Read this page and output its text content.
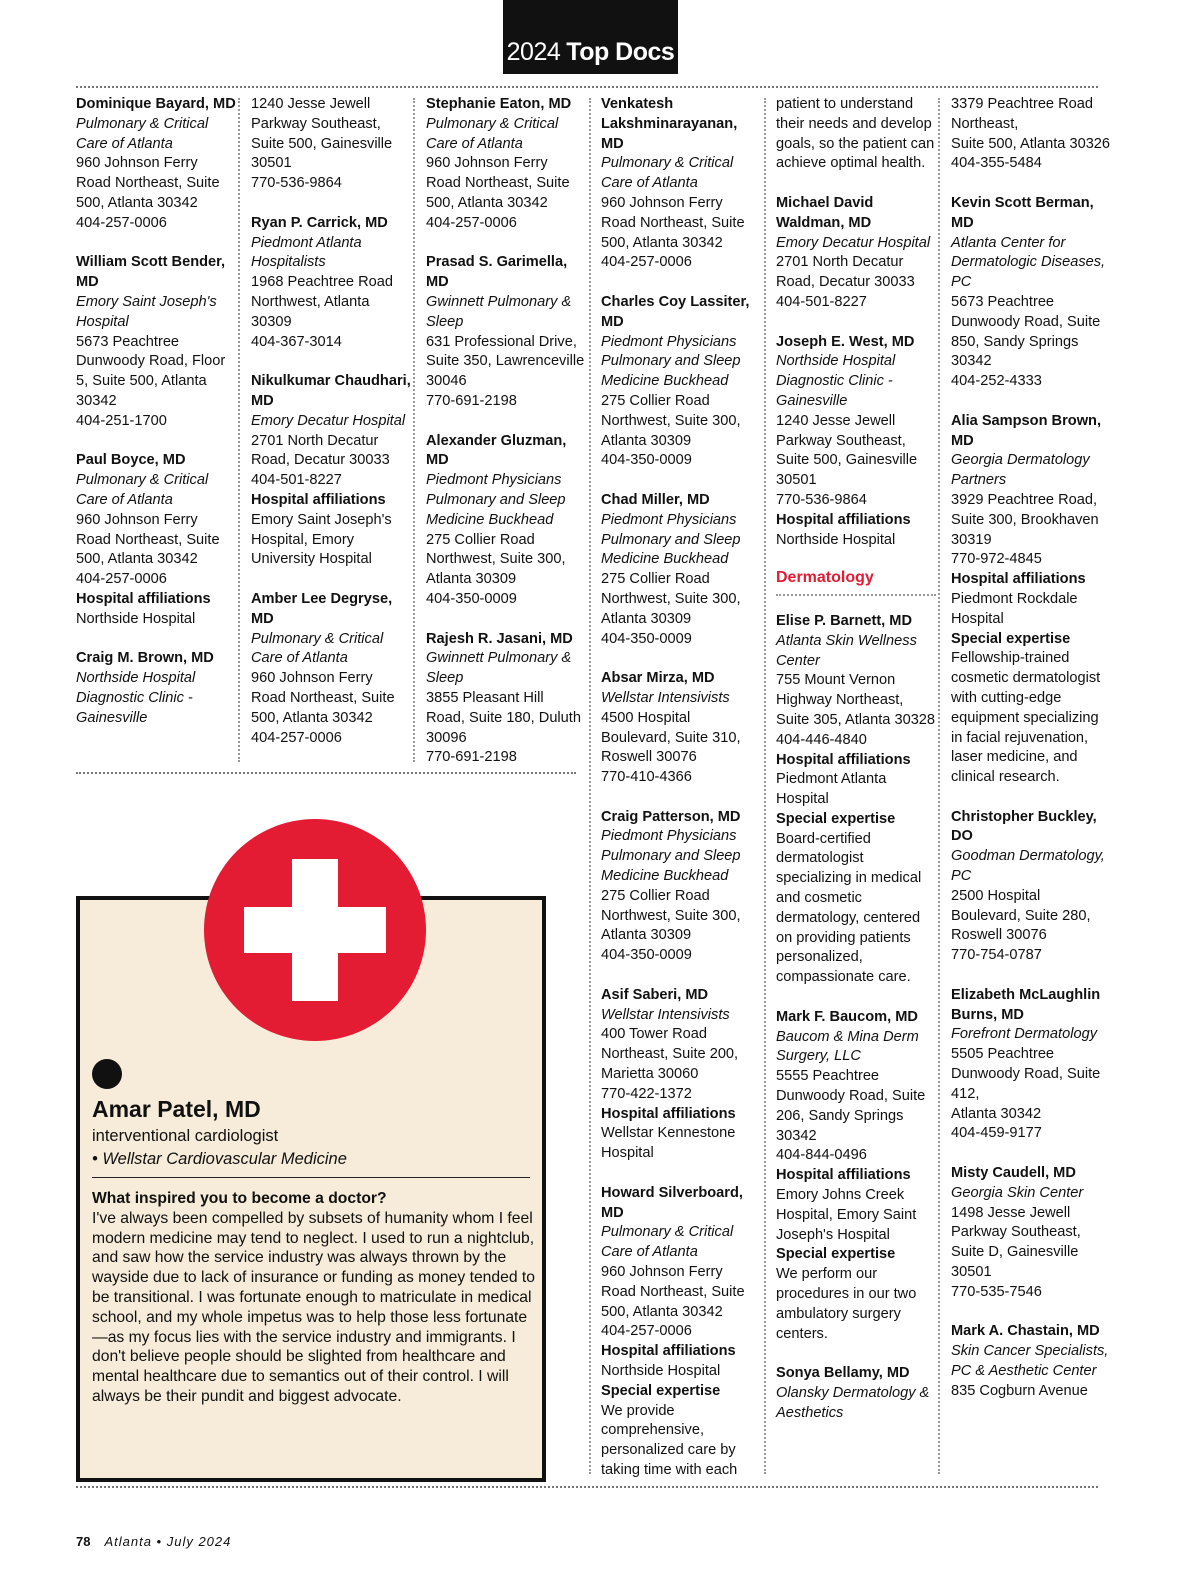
2024 Top Docs
Dominique Bayard, MD
Pulmonary & Critical Care of Atlanta
960 Johnson Ferry Road Northeast, Suite 500, Atlanta 30342
404-257-0006
William Scott Bender, MD
Emory Saint Joseph's Hospital
5673 Peachtree Dunwoody Road, Floor 5, Suite 500, Atlanta 30342
404-251-1700
Paul Boyce, MD
Pulmonary & Critical Care of Atlanta
960 Johnson Ferry Road Northeast, Suite 500, Atlanta 30342
404-257-0006
Hospital affiliations
Northside Hospital
Craig M. Brown, MD
Northside Hospital Diagnostic Clinic - Gainesville
1240 Jesse Jewell Parkway Southeast, Suite 500, Gainesville 30501
770-536-9864
Ryan P. Carrick, MD
Piedmont Atlanta Hospitalists
1968 Peachtree Road Northwest, Atlanta 30309
404-367-3014
Nikulkumar Chaudhari, MD
Emory Decatur Hospital
2701 North Decatur Road, Decatur 30033
404-501-8227
Hospital affiliations
Emory Saint Joseph's Hospital, Emory University Hospital
Amber Lee Degryse, MD
Pulmonary & Critical Care of Atlanta
960 Johnson Ferry Road Northeast, Suite 500, Atlanta 30342
404-257-0006
Stephanie Eaton, MD
Pulmonary & Critical Care of Atlanta
960 Johnson Ferry Road Northeast, Suite 500, Atlanta 30342
404-257-0006
Prasad S. Garimella, MD
Gwinnett Pulmonary & Sleep
631 Professional Drive, Suite 350, Lawrenceville 30046
770-691-2198
Alexander Gluzman, MD
Piedmont Physicians Pulmonary and Sleep Medicine Buckhead
275 Collier Road Northwest, Suite 300, Atlanta 30309
404-350-0009
Rajesh R. Jasani, MD
Gwinnett Pulmonary & Sleep
3855 Pleasant Hill Road, Suite 180, Duluth 30096
770-691-2198
Venkatesh Lakshminarayanan, MD
Pulmonary & Critical Care of Atlanta
960 Johnson Ferry Road Northeast, Suite 500, Atlanta 30342
404-257-0006
Charles Coy Lassiter, MD
Piedmont Physicians Pulmonary and Sleep Medicine Buckhead
275 Collier Road Northwest, Suite 300, Atlanta 30309
404-350-0009
Chad Miller, MD
Piedmont Physicians Pulmonary and Sleep Medicine Buckhead
275 Collier Road Northwest, Suite 300, Atlanta 30309
404-350-0009
Absar Mirza, MD
Wellstar Intensivists
4500 Hospital Boulevard, Suite 310, Roswell 30076
770-410-4366
Craig Patterson, MD
Piedmont Physicians Pulmonary and Sleep Medicine Buckhead
275 Collier Road Northwest, Suite 300, Atlanta 30309
404-350-0009
Asif Saberi, MD
Wellstar Intensivists
400 Tower Road Northeast, Suite 200, Marietta 30060
770-422-1372
Hospital affiliations
Wellstar Kennestone Hospital
Howard Silverboard, MD
Pulmonary & Critical Care of Atlanta
960 Johnson Ferry Road Northeast, Suite 500, Atlanta 30342
404-257-0006
Hospital affiliations
Northside Hospital
Special expertise
We provide comprehensive, personalized care by taking time with each
patient to understand their needs and develop goals, so the patient can achieve optimal health.
Michael David Waldman, MD
Emory Decatur Hospital
2701 North Decatur Road, Decatur 30033
404-501-8227
Joseph E. West, MD
Northside Hospital Diagnostic Clinic - Gainesville
1240 Jesse Jewell Parkway Southeast, Suite 500, Gainesville 30501
770-536-9864
Hospital affiliations
Northside Hospital
Dermatology
Elise P. Barnett, MD
Atlanta Skin Wellness Center
755 Mount Vernon Highway Northeast, Suite 305, Atlanta 30328
404-446-4840
Hospital affiliations
Piedmont Atlanta Hospital
Special expertise
Board-certified dermatologist specializing in medical and cosmetic dermatology, centered on providing patients personalized, compassionate care.
Mark F. Baucom, MD
Baucom & Mina Derm Surgery, LLC
5555 Peachtree Dunwoody Road, Suite 206, Sandy Springs 30342
404-844-0496
Hospital affiliations
Emory Johns Creek Hospital, Emory Saint Joseph's Hospital
Special expertise
We perform our procedures in our two ambulatory surgery centers.
Sonya Bellamy, MD
Olansky Dermatology & Aesthetics
3379 Peachtree Road Northeast,
Suite 500, Atlanta 30326
404-355-5484
Kevin Scott Berman, MD
Atlanta Center for Dermatologic Diseases, PC
5673 Peachtree Dunwoody Road, Suite 850, Sandy Springs 30342
404-252-4333
Alia Sampson Brown, MD
Georgia Dermatology Partners
3929 Peachtree Road, Suite 300, Brookhaven 30319
770-972-4845
Hospital affiliations
Piedmont Rockdale Hospital
Special expertise
Fellowship-trained cosmetic dermatologist with cutting-edge equipment specializing in facial rejuvenation, laser medicine, and clinical research.
Christopher Buckley, DO
Goodman Dermatology, PC
2500 Hospital Boulevard, Suite 280, Roswell 30076
770-754-0787
Elizabeth McLaughlin Burns, MD
Forefront Dermatology
5505 Peachtree Dunwoody Road, Suite 412,
Atlanta 30342
404-459-9177
Misty Caudell, MD
Georgia Skin Center
1498 Jesse Jewell Parkway Southeast, Suite D, Gainesville 30501
770-535-7546
Mark A. Chastain, MD
Skin Cancer Specialists, PC & Aesthetic Center
835 Cogburn Avenue
Amar Patel, MD
interventional cardiologist
• Wellstar Cardiovascular Medicine
What inspired you to become a doctor?
I've always been compelled by subsets of humanity whom I feel modern medicine may tend to neglect. I used to run a nightclub, and saw how the service industry was always thrown by the wayside due to lack of insurance or funding as money tended to be transitional. I was fortunate enough to matriculate in medical school, and my whole impetus was to help those less fortunate—as my focus lies with the service industry and immigrants. I don't believe people should be slighted from healthcare and mental healthcare due to semantics out of their control. I will always be their pundit and biggest advocate.
78 Atlanta • July 2024
